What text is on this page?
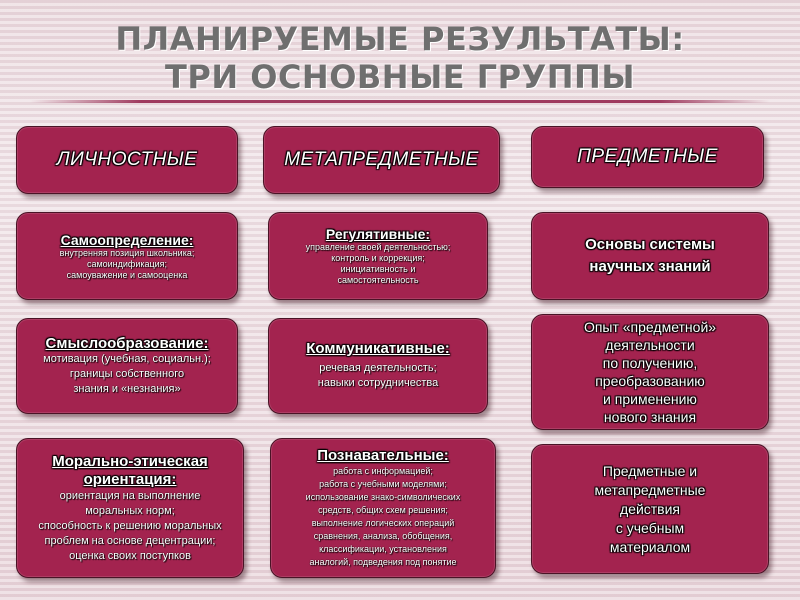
ПЛАНИРУЕМЫЕ РЕЗУЛЬТАТЫ:
ТРИ ОСНОВНЫЕ ГРУППЫ
ЛИЧНОСТНЫЕ	МЕТАПРЕДМЕТНЫЕ	ПРЕДМЕТНЫЕ
Самоопределение:
внутренняя позиция школьника;
самоиндификация;
самоуважение и самооценка
Смыслообразование:
мотивация (учебная, социальн.);
границы собственного
знания и «незнания»
Морально-этическая
ориентация:
ориентация на выполнение
моральных норм;
способность к решению моральных
проблем на основе децентрации;
оценка своих поступков
Регулятивные:
управление своей деятельностью;
контроль и коррекция;
инициативность и
самостоятельность
Коммуникативные:
речевая деятельность;
навыки сотрудничества
Познавательные:
работа с информацией;
работа с учебными моделями;
использование знако-символических
средств, общих схем решения;
выполнение логических операций
сравнения, анализа, обобщения,
классификации, установления
аналогий, подведения под понятие
Основы системы
научных знаний
Опыт «предметной»
деятельности
по получению,
преобразованию
и применению
нового знания
Предметные и
метапредметные
действия
с учебным
материалом
